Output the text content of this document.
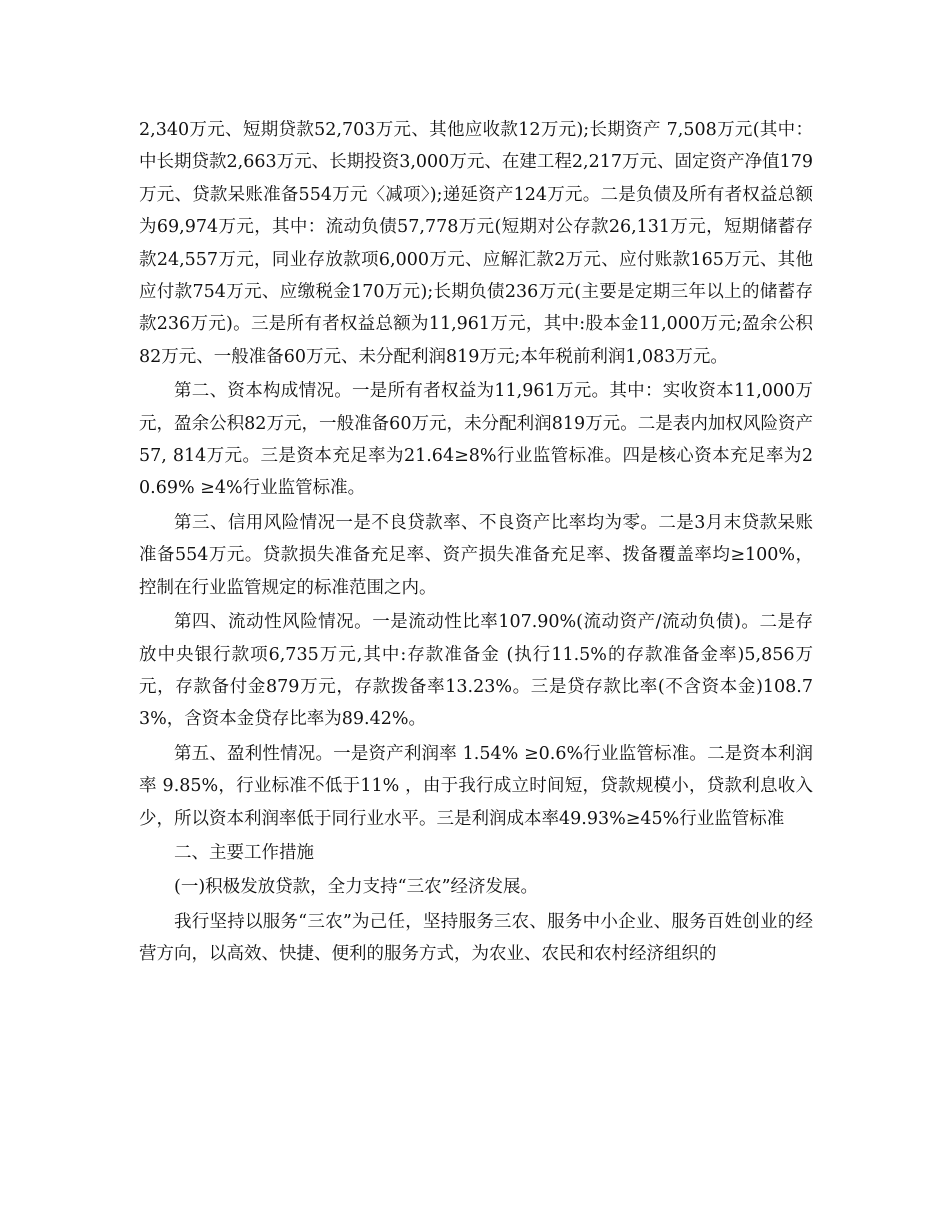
2,340万元、短期贷款52,703万元、其他应收款12万元);长期资产 7,508万元(其中：中长期贷款2,663万元、长期投资3,000万元、在建工程2,217万元、固定资产净值179万元、贷款呆账准备554万元〈减项〉);递延资产124万元。二是负债及所有者权益总额为69,974万元，其中：流动负债57,778万元(短期对公存款26,131万元，短期储蓄存款24,557万元，同业存放款项6,000万元、应解汇款2万元、应付账款165万元、其他应付款754万元、应缴税金170万元);长期负债236万元(主要是定期三年以上的储蓄存款236万元)。三是所有者权益总额为11,961万元，其中:股本金11,000万元;盈余公积82万元、一般准备60万元、未分配利润819万元;本年税前利润1,083万元。

第二、资本构成情况。一是所有者权益为11,961万元。其中：实收资本11,000万元，盈余公积82万元，一般准备60万元，未分配利润819万元。二是表内加权风险资产57, 814万元。三是资本充足率为21.64≥8%行业监管标准。四是核心资本充足率为20.69% ≥4%行业监管标准。

第三、信用风险情况一是不良贷款率、不良资产比率均为零。二是3月末贷款呆账准备554万元。贷款损失准备充足率、资产损失准备充足率、拨备覆盖率均≥100%，控制在行业监管规定的标准范围之内。

第四、流动性风险情况。一是流动性比率107.90%(流动资产/流动负债)。二是存放中央银行款项6,735万元,其中:存款准备金 (执行11.5%的存款准备金率)5,856万元，存款备付金879万元，存款拨备率13.23%。三是贷存款比率(不含资本金)108.73%，含资本金贷存比率为89.42%。

第五、盈利性情况。一是资产利润率 1.54% ≥0.6%行业监管标准。二是资本利润率 9.85%，行业标准不低于11% ，由于我行成立时间短，贷款规模小，贷款利息收入少，所以资本利润率低于同行业水平。三是利润成本率49.93%≥45%行业监管标准

二、主要工作措施

(一)积极发放贷款，全力支持“三农”经济发展。

我行坚持以服务“三农”为己任，坚持服务三农、服务中小企业、服务百姓创业的经营方向，以高效、快捷、便利的服务方式，为农业、农民和农村经济组织的
